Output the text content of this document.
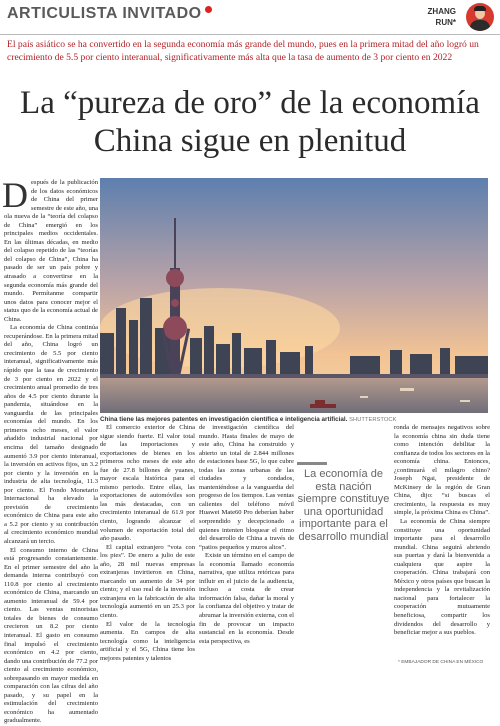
ARTICULISTA INVITADO	ZHANG
RUN*
El país asiático se ha convertido en la segunda economía más grande del mundo, pues en la primera mitad del año logró un crecimiento de 5.5 por ciento interanual, significativamente más alta que la tasa de aumento de 3 por ciento en 2022
La “pureza de oro” de la economía
China sigue en plenitud
China tiene las mejores patentes en investigación científica e inteligencia artificial. SHUTTERSTOCK

Después de la publicación de los datos económicos de China del primer semestre de este año, una ola nueva de la “teoría del colapso de China” emergió en los principales medios occidentales. En las últimas décadas, en medio del colapso repetido de las “teorías del colapso de China”, China ha pasado de ser un país pobre y atrasado a convertirse en la segunda economía más grande del mundo. Permítanme compartir unos datos para conocer mejor el status quo de la economía actual de China.

La economía de China continúa recuperándose. En la primera mitad del año, China logró un crecimiento de 5.5 por ciento interanual, significativamente más rápido que la tasa de crecimiento de 3 por ciento en 2022 y el crecimiento anual promedio de tres años de 4.5 por ciento durante la pandemia, situándose en la vanguardia de las principales economías del mundo. En los primeros ocho meses, el valor añadido industrial nacional por encima del tamaño designado aumentó 3.9 por ciento interanual, la inversión en activos fijos, un 3.2 por ciento y la inversión en la industria de alta tecnología, 11.3 por ciento. El Fondo Monetario Internacional ha elevado la previsión de crecimiento económico de China para este año a 5.2 por ciento y su contribución al crecimiento económico mundial alcanzará un tercio.

El consumo interno de China está progresando constantemente. En el primer semestre del año la demanda interna contribuyó con 110.8 por ciento al crecimiento económico de China, marcando un aumento interanual de 59.4 por ciento. Las ventas minoristas totales de bienes de consumo crecieron un 8.2 por ciento interanual. El gasto en consumo final impulsó el crecimiento económico en 4.2 por ciento, dando una contribución de 77.2 por ciento al crecimiento económico, sobrepasando en mayor medida en comparación con las cifras del año pasado, y su papel en la estimulación del crecimiento económico ha aumentado gradualmente.

El comercio exterior de China sigue siendo fuerte. El valor total de las importaciones y exportaciones de bienes en los primeros ocho meses de este año fue de 27.8 billones de yuanes, mayor escala histórica para el mismo periodo. Entre ellas, las exportaciones de automóviles son las más destacadas, con un crecimiento interanual de 61.9 por ciento, logrando alcanzar el volumen de exportación total del año pasado.

El capital extranjero “vota con los pies”. De enero a julio de este año, 28 mil nuevas empresas extranjeras invirtieron en China, marcando un aumento de 34 por ciento; y el uso real de la inversión extranjera en la fabricación de alta tecnología aumentó en un 25.3 por ciento.

El valor de la tecnología aumenta. En campos de alta tecnología como la inteligencia artificial y el 5G, China tiene los mejores patentes y talentos

de investigación científica del mundo. Hasta finales de mayo de este año, China ha construido y abierto un total de 2.844 millones de estaciones base 5G, lo que cubre todas las zonas urbanas de las ciudades y condados, manteniéndose a la vanguardia del progreso de los tiempos. Las ventas calientes del teléfono móvil Huawei Mate60 Pro deberían haber sorprendido y decepcionado a quienes intenten bloquear el ritmo del desarrollo de China a través de “patios pequeños y muros altos”.

Existe un término en el campo de la economía llamado economía narrativa, que utiliza retóricas para influir en el juicio de la audiencia, incluso a costa de crear información falsa, dañar la moral y la confianza del objetivo y tratar de abrumar la inversión externa, con el fin de provocar un impacto sustancial en la economía. Desde esta perspectiva, es

La economía de esta nación siempre constituye una oportunidad importante para el desarrollo mundial

ronda de mensajes negativos sobre la economía china sin duda tiene como intención debilitar la confianza de todos los sectores en la economía china. Entonces, ¿continuará el milagro chino? Joseph Ngai, presidente de McKinsey de la región de Gran China, dijo: “si buscas el crecimiento, la respuesta es muy simple, la próxima China es China”.

La economía de China siempre constituye una oportunidad importante para el desarrollo mundial. China seguirá abriendo sus puertas y dará la bienvenida a cualquiera que aspire la cooperación. China trabajará con México y otros países que buscan la independencia y la revitalización nacional para fortalecer la cooperación mutuamente beneficiosa, compartir los dividendos del desarrollo y beneficiar mejor a sus pueblos.

* EMBAJADOR DE CHINA EN MÉXICO
